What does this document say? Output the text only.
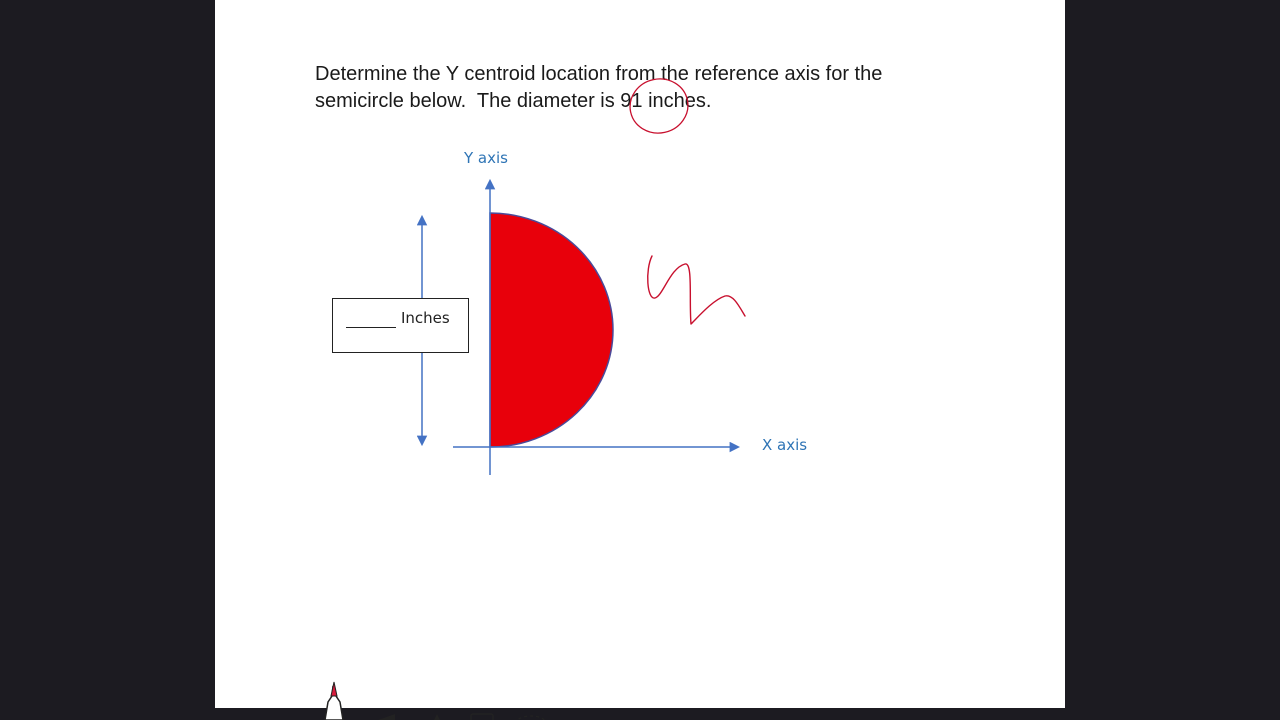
Determine the Y centroid location from the reference axis for the
semicircle below.  The diameter is 91 inches.

Y axis
X axis
Inches
